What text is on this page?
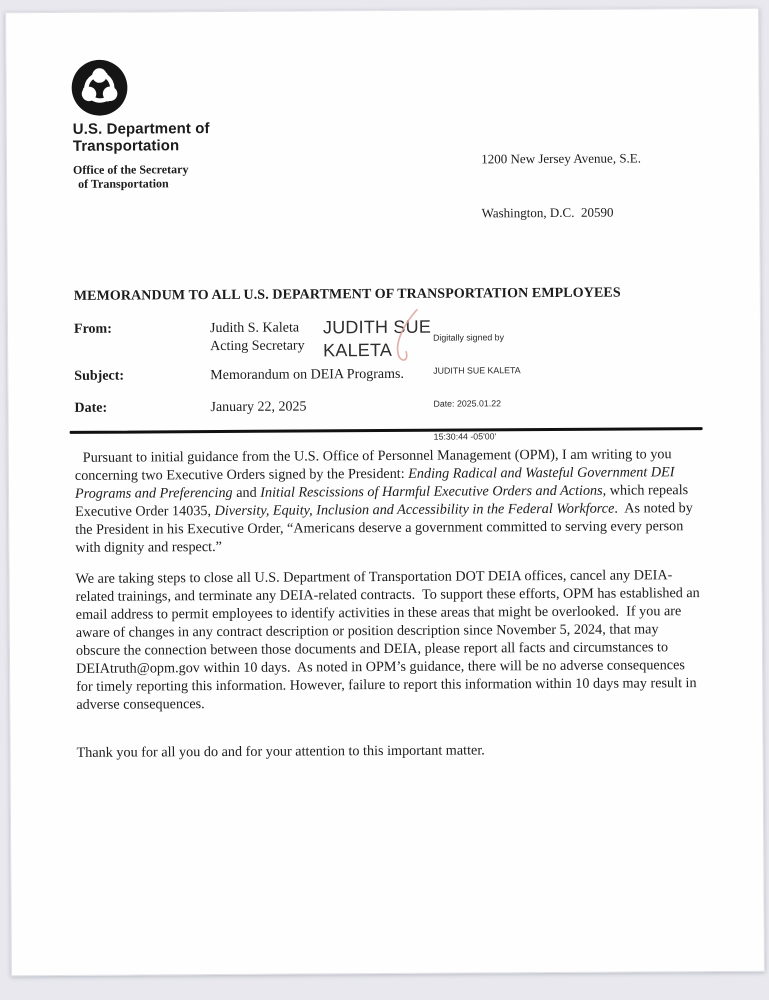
U.S. Department of
Transportation
Office of the Secretary
of Transportation

1200 New Jersey Avenue, S.E.

Washington, D.C.  20590

MEMORANDUM TO ALL U.S. DEPARTMENT OF TRANSPORTATION EMPLOYEES
From:	Judith S. Kaleta
Acting Secretary
JUDITH SUE
KALETA

Digitally signed by

JUDITH SUE KALETA

Date: 2025.01.22

15:30:44 -05'00'

Subject:	Memorandum on DEIA Programs.
Date:	January 22, 2025

Pursuant to initial guidance from the U.S. Office of Personnel Management (OPM), I am writing to you concerning two Executive Orders signed by the President: Ending Radical and Wasteful Government DEI Programs and Preferencing and Initial Rescissions of Harmful Executive Orders and Actions, which repeals Executive Order 14035, Diversity, Equity, Inclusion and Accessibility in the Federal Workforce.  As noted by the President in his Executive Order, “Americans deserve a government committed to serving every person with dignity and respect.”

We are taking steps to close all U.S. Department of Transportation DOT DEIA offices, cancel any DEIA-related trainings, and terminate any DEIA-related contracts.  To support these efforts, OPM has established an email address to permit employees to identify activities in these areas that might be overlooked.  If you are aware of changes in any contract description or position description since November 5, 2024, that may obscure the connection between those documents and DEIA, please report all facts and circumstances to DEIAtruth@opm.gov within 10 days.  As noted in OPM’s guidance, there will be no adverse consequences for timely reporting this information. However, failure to report this information within 10 days may result in adverse consequences.

Thank you for all you do and for your attention to this important matter.
